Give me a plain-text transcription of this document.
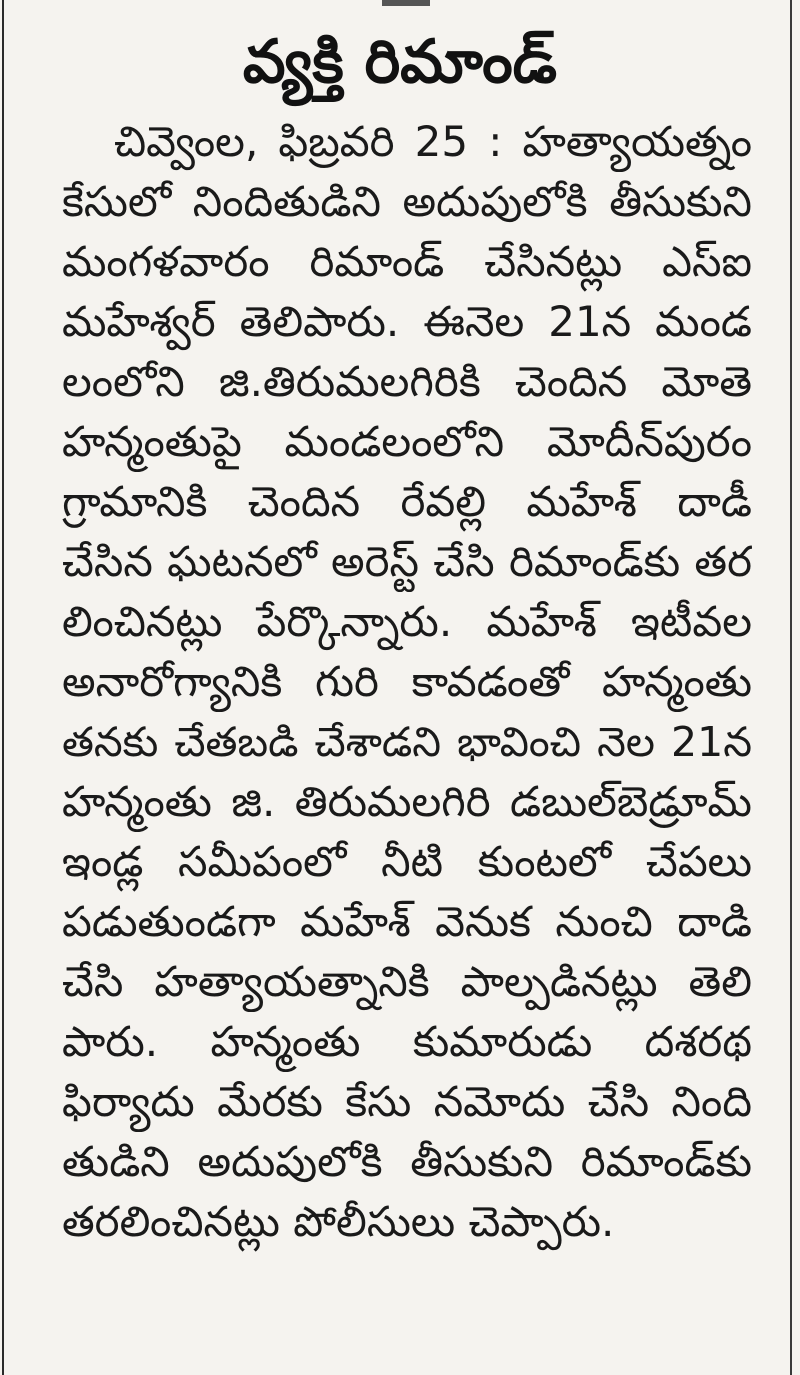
వ్యక్తి రిమాండ్
చివ్వెంల, ఫిబ్రవరి 25 : హత్యాయత్నం
కేసులో నిందితుడిని అదుపులోకి తీసుకుని
మంగళవారం రిమాండ్ చేసినట్లు ఎస్ఐ
మహేశ్వర్ తెలిపారు. ఈనెల 21న మండ
లంలోని జి.తిరుమలగిరికి చెందిన మోతె
హన్మంతుపై మండలంలోని మోదీన్‌పురం
గ్రామానికి చెందిన రేవల్లి మహేశ్ దాడీ
చేసిన ఘటనలో అరెస్ట్ చేసి రిమాండ్‌కు తర
లించినట్లు పేర్కొన్నారు. మహేశ్ ఇటీవల
అనారోగ్యానికి గురి కావడంతో హన్మంతు
తనకు చేతబడి చేశాడని భావించి నెల 21న
హన్మంతు జి. తిరుమలగిరి డబుల్‌బెడ్రూమ్
ఇండ్ల సమీపంలో నీటి కుంటలో చేపలు
పడుతుండగా మహేశ్ వెనుక నుంచి దాడి
చేసి హత్యాయత్నానికి పాల్పడినట్లు తెలి
పారు. హన్మంతు కుమారుడు దశరథ
ఫిర్యాదు మేరకు కేసు నమోదు చేసి నింది
తుడిని అదుపులోకి తీసుకుని రిమాండ్‌కు
తరలించినట్లు పోలీసులు చెప్పారు.
